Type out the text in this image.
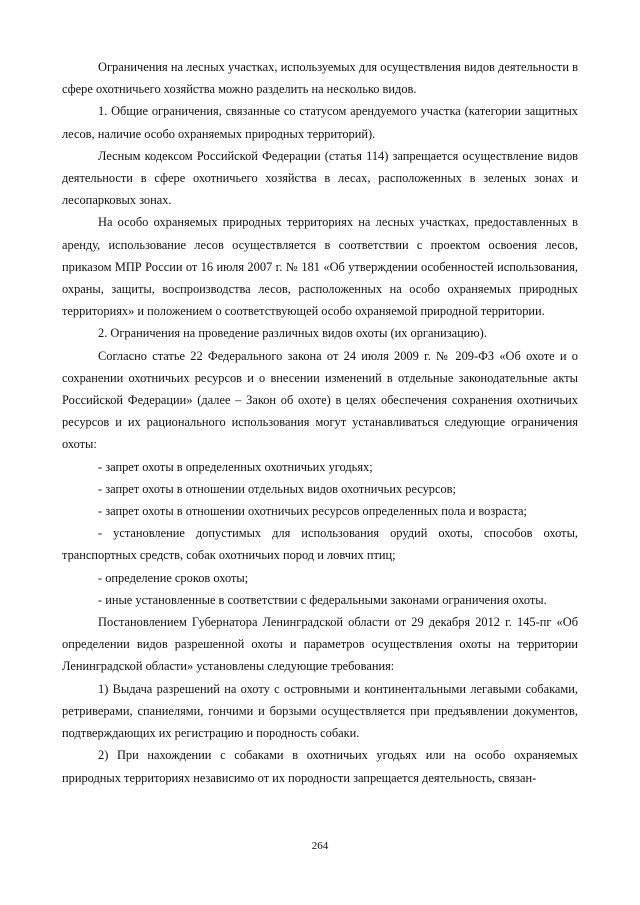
Ограничения на лесных участках, используемых для осуществления видов деятельности в сфере охотничьего хозяйства можно разделить на несколько видов.

1. Общие ограничения, связанные со статусом арендуемого участка (категории защитных лесов, наличие особо охраняемых природных территорий).

Лесным кодексом Российской Федерации (статья 114) запрещается осуществление видов деятельности в сфере охотничьего хозяйства в лесах, расположенных в зеленых зонах и лесопарковых зонах.

На особо охраняемых природных территориях на лесных участках, предоставленных в аренду, использование лесов осуществляется в соответствии с проектом освоения лесов, приказом МПР России от 16 июля 2007 г. № 181 «Об утверждении особенностей использования, охраны, защиты, воспроизводства лесов, расположенных на особо охраняемых природных территориях» и положением о соответствующей особо охраняемой природной территории.

2. Ограничения на проведение различных видов охоты (их организацию).

Согласно статье 22 Федерального закона от 24 июля 2009 г. № 209-ФЗ «Об охоте и о сохранении охотничьих ресурсов и о внесении изменений в отдельные законодательные акты Российской Федерации» (далее – Закон об охоте) в целях обеспечения сохранения охотничьих ресурсов и их рационального использования могут устанавливаться следующие ограничения охоты:

- запрет охоты в определенных охотничьих угодьях;

- запрет охоты в отношении отдельных видов охотничьих ресурсов;

- запрет охоты в отношении охотничьих ресурсов определенных пола и возраста;

- установление допустимых для использования орудий охоты, способов охоты, транспортных средств, собак охотничьих пород и ловчих птиц;

- определение сроков охоты;

- иные установленные в соответствии с федеральными законами ограничения охоты.

Постановлением Губернатора Ленинградской области от 29 декабря 2012 г. 145-пг «Об определении видов разрешенной охоты и параметров осуществления охоты на территории Ленинградской области» установлены следующие требования:

1) Выдача разрешений на охоту с островными и континентальными легавыми собаками, ретриверами, спаниелями, гончими и борзыми осуществляется при предъявлении документов, подтверждающих их регистрацию и породность собаки.

2) При нахождении с собаками в охотничьих угодьях или на особо охраняемых природных территориях независимо от их породности запрещается деятельность, связан-

264
